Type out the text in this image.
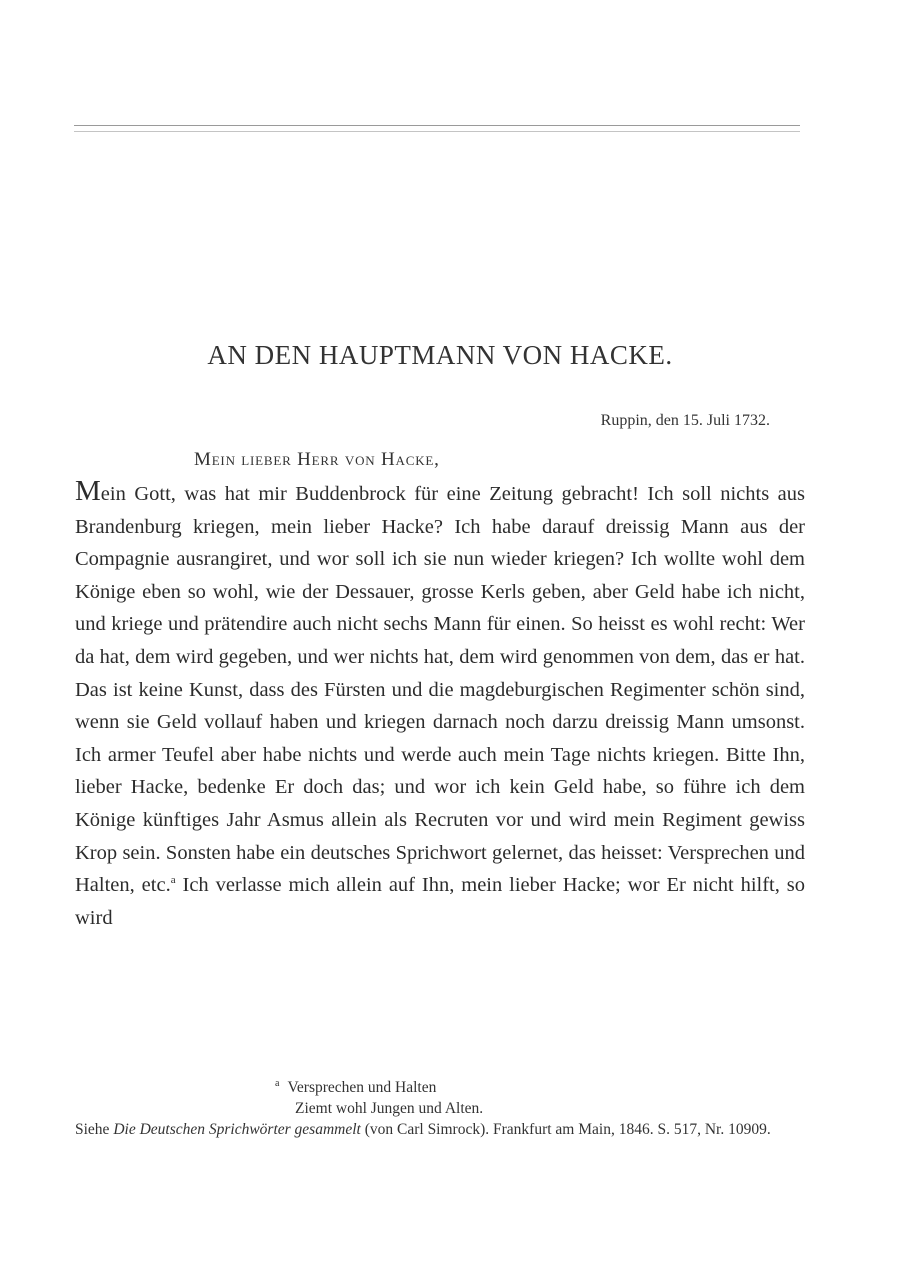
AN DEN HAUPTMANN VON HACKE.
Ruppin, den 15. Juli 1732.
Mein lieber Herr von Hacke,
Mein Gott, was hat mir Buddenbrock für eine Zeitung gebracht! Ich soll nichts aus Brandenburg kriegen, mein lieber Hacke? Ich habe darauf dreissig Mann aus der Compagnie ausrangiret, und wor soll ich sie nun wieder kriegen? Ich wollte wohl dem Könige eben so wohl, wie der Dessauer, grosse Kerls geben, aber Geld habe ich nicht, und kriege und prätendire auch nicht sechs Mann für einen. So heisst es wohl recht: Wer da hat, dem wird gegeben, und wer nichts hat, dem wird genommen von dem, das er hat. Das ist keine Kunst, dass des Fürsten und die magdeburgischen Regimenter schön sind, wenn sie Geld vollauf haben und kriegen darnach noch darzu dreissig Mann umsonst. Ich armer Teufel aber habe nichts und werde auch mein Tage nichts kriegen. Bitte Ihn, lieber Hacke, bedenke Er doch das; und wor ich kein Geld habe, so führe ich dem Könige künftiges Jahr Asmus allein als Recruten vor und wird mein Regiment gewiss Krop sein. Sonsten habe ein deutsches Sprichwort gelernet, das heisset: Versprechen und Halten, etc.$^a$ Ich verlasse mich allein auf Ihn, mein lieber Hacke; wor Er nicht hilft, so wird
$^a$ Versprechen und Halten
Ziemt wohl Jungen und Alten.
Siehe Die Deutschen Sprichwörter gesammelt (von Carl Simrock). Frankfurt am Main, 1846. S. 517, Nr. 10909.
